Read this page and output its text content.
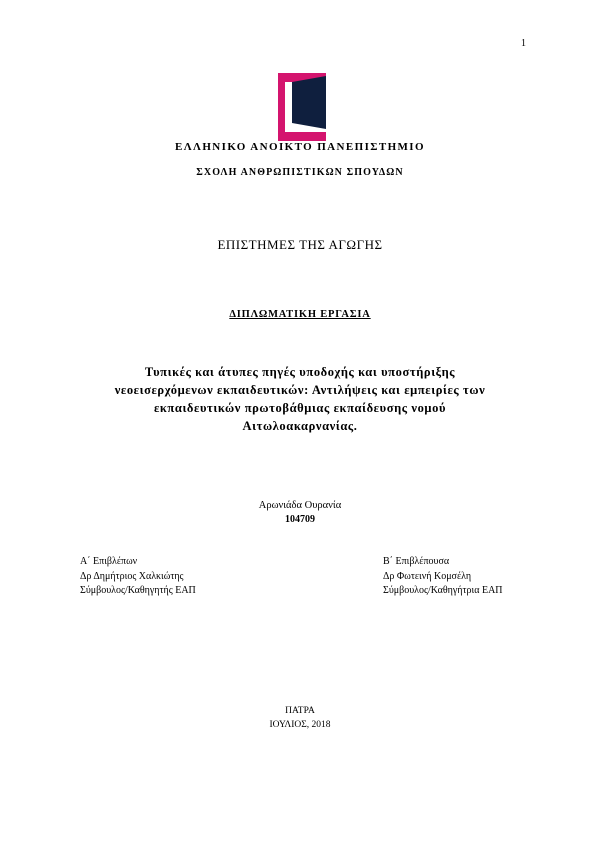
1
ΕΛΛΗΝΙΚΟ ΑΝΟΙΚΤΟ ΠΑΝΕΠΙΣΤΗΜΙΟ
ΣΧΟΛΗ ΑΝΘΡΩΠΙΣΤΙΚΩΝ ΣΠΟΥΔΩΝ
ΕΠΙΣΤΗΜΕΣ ΤΗΣ ΑΓΩΓΗΣ
ΔΙΠΛΩΜΑΤΙΚΗ ΕΡΓΑΣΙΑ
Τυπικές και άτυπες πηγές υποδοχής και υποστήριξης
νεοεισερχόμενων εκπαιδευτικών: Αντιλήψεις και εμπειρίες των
εκπαιδευτικών πρωτοβάθμιας εκπαίδευσης νομού
Αιτωλοακαρνανίας.
Αρωνιάδα Ουρανία
104709
Α΄ Επιβλέπων
Δρ Δημήτριος Χαλκιώτης
Σύμβουλος/Καθηγητής ΕΑΠ
Β΄ Επιβλέπουσα
Δρ Φωτεινή Κομσέλη
Σύμβουλος/Καθηγήτρια ΕΑΠ
ΠΑΤΡΑ
ΙΟΥΛΙΟΣ, 2018
